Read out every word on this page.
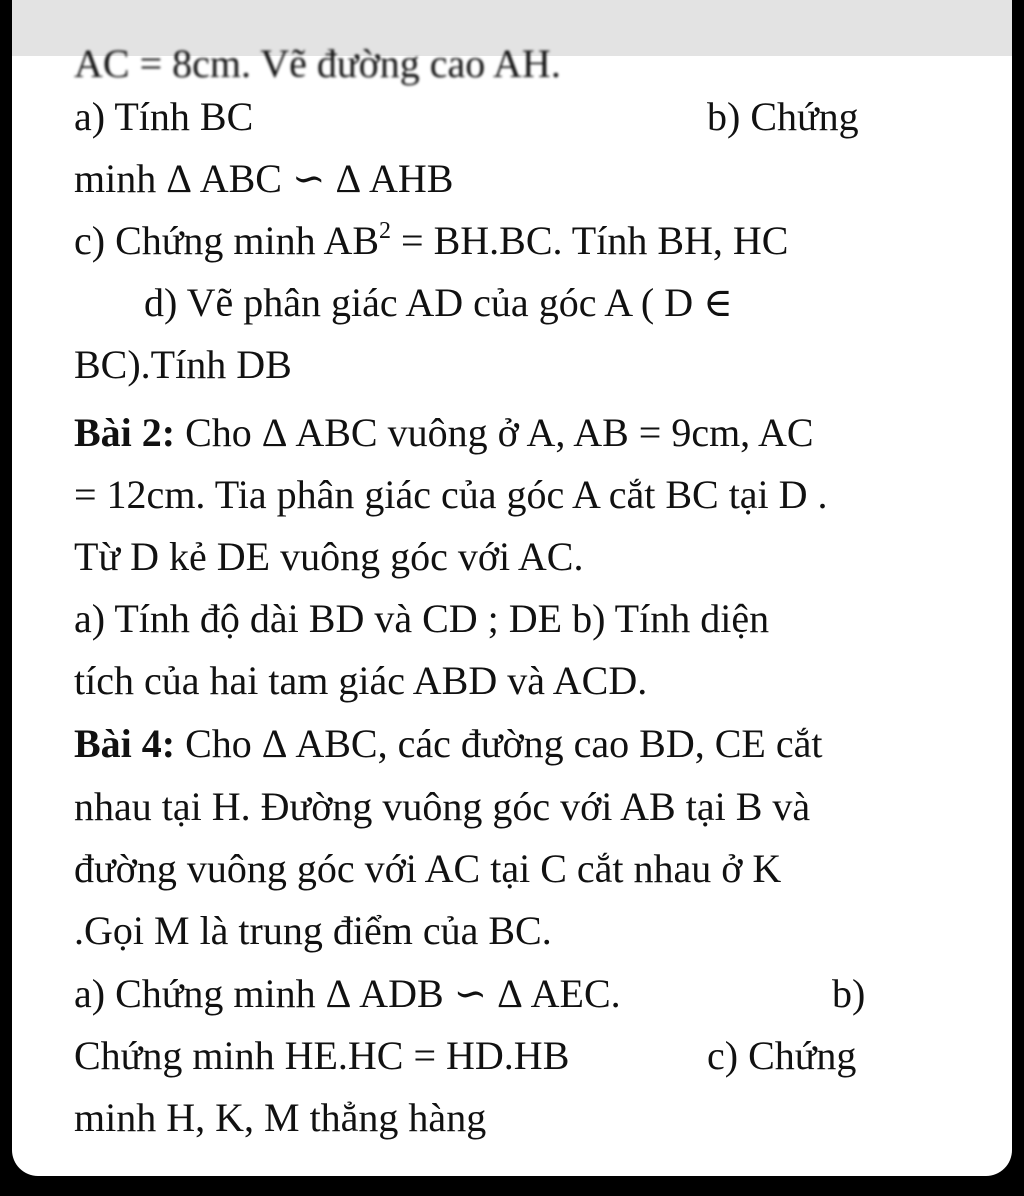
AC = 8cm. Vẽ đường cao AH.
a) Tính BC	b) Chứng
minh Δ ABC ∽ Δ AHB
c) Chứng minh $AB^2 = BH.BC$. Tính BH, HC
d) Vẽ phân giác AD của góc A ( D ∈
BC).Tính DB
Bài 2: Cho Δ ABC vuông ở A, AB = 9cm, AC
= 12cm. Tia phân giác của góc A cắt BC tại D .
Từ D kẻ DE vuông góc với AC.
a) Tính độ dài BD và CD ; DE b) Tính diện
tích của hai tam giác ABD và ACD.
Bài 4: Cho Δ ABC, các đường cao BD, CE cắt
nhau tại H. Đường vuông góc với AB tại B và
đường vuông góc với AC tại C cắt nhau ở K
.Gọi M là trung điểm của BC.
a) Chứng minh Δ ADB ∽ Δ AEC.	b)
Chứng minh HE.HC = HD.HB	c) Chứng
minh H, K, M thẳng hàng
